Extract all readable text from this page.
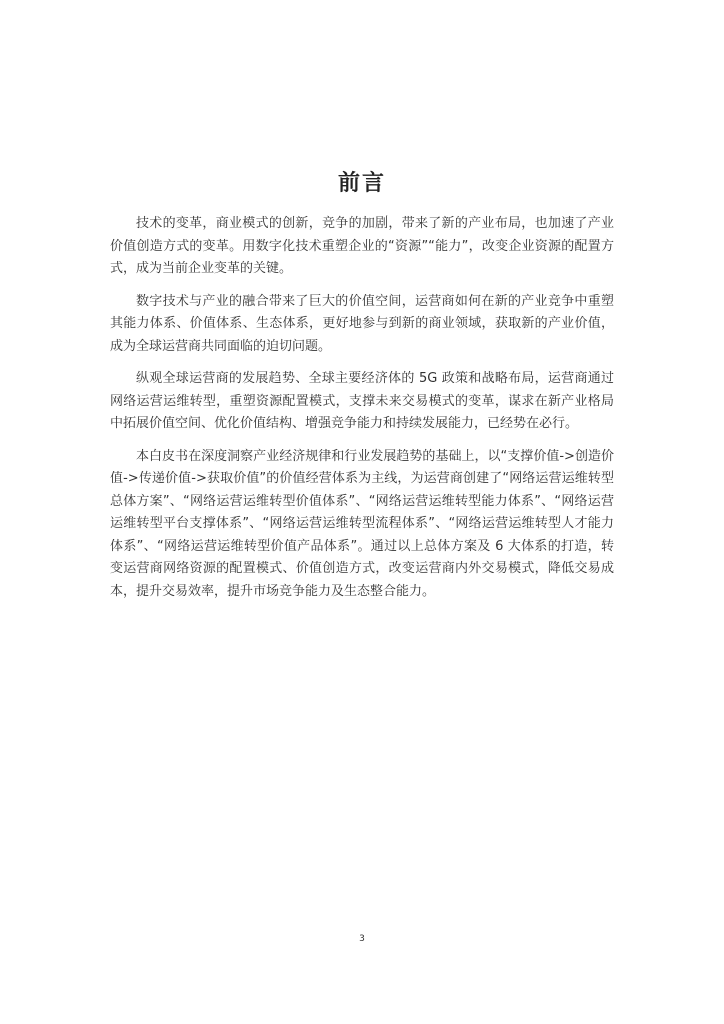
前言

技术的变革，商业模式的创新，竞争的加剧，带来了新的产业布局，也加速了产业价值创造方式的变革。用数字化技术重塑企业的“资源”“能力”，改变企业资源的配置方式，成为当前企业变革的关键。

数字技术与产业的融合带来了巨大的价值空间，运营商如何在新的产业竞争中重塑其能力体系、价值体系、生态体系，更好地参与到新的商业领域，获取新的产业价值，成为全球运营商共同面临的迫切问题。

纵观全球运营商的发展趋势、全球主要经济体的 5G 政策和战略布局，运营商通过网络运营运维转型，重塑资源配置模式，支撑未来交易模式的变革，谋求在新产业格局中拓展价值空间、优化价值结构、增强竞争能力和持续发展能力，已经势在必行。

本白皮书在深度洞察产业经济规律和行业发展趋势的基础上，以“支撑价值->创造价值->传递价值->获取价值”的价值经营体系为主线，为运营商创建了“网络运营运维转型总体方案”、“网络运营运维转型价值体系”、“网络运营运维转型能力体系”、“网络运营运维转型平台支撑体系”、“网络运营运维转型流程体系”、“网络运营运维转型人才能力体系”、“网络运营运维转型价值产品体系”。通过以上总体方案及 6 大体系的打造，转变运营商网络资源的配置模式、价值创造方式，改变运营商内外交易模式，降低交易成本，提升交易效率，提升市场竞争能力及生态整合能力。

3
